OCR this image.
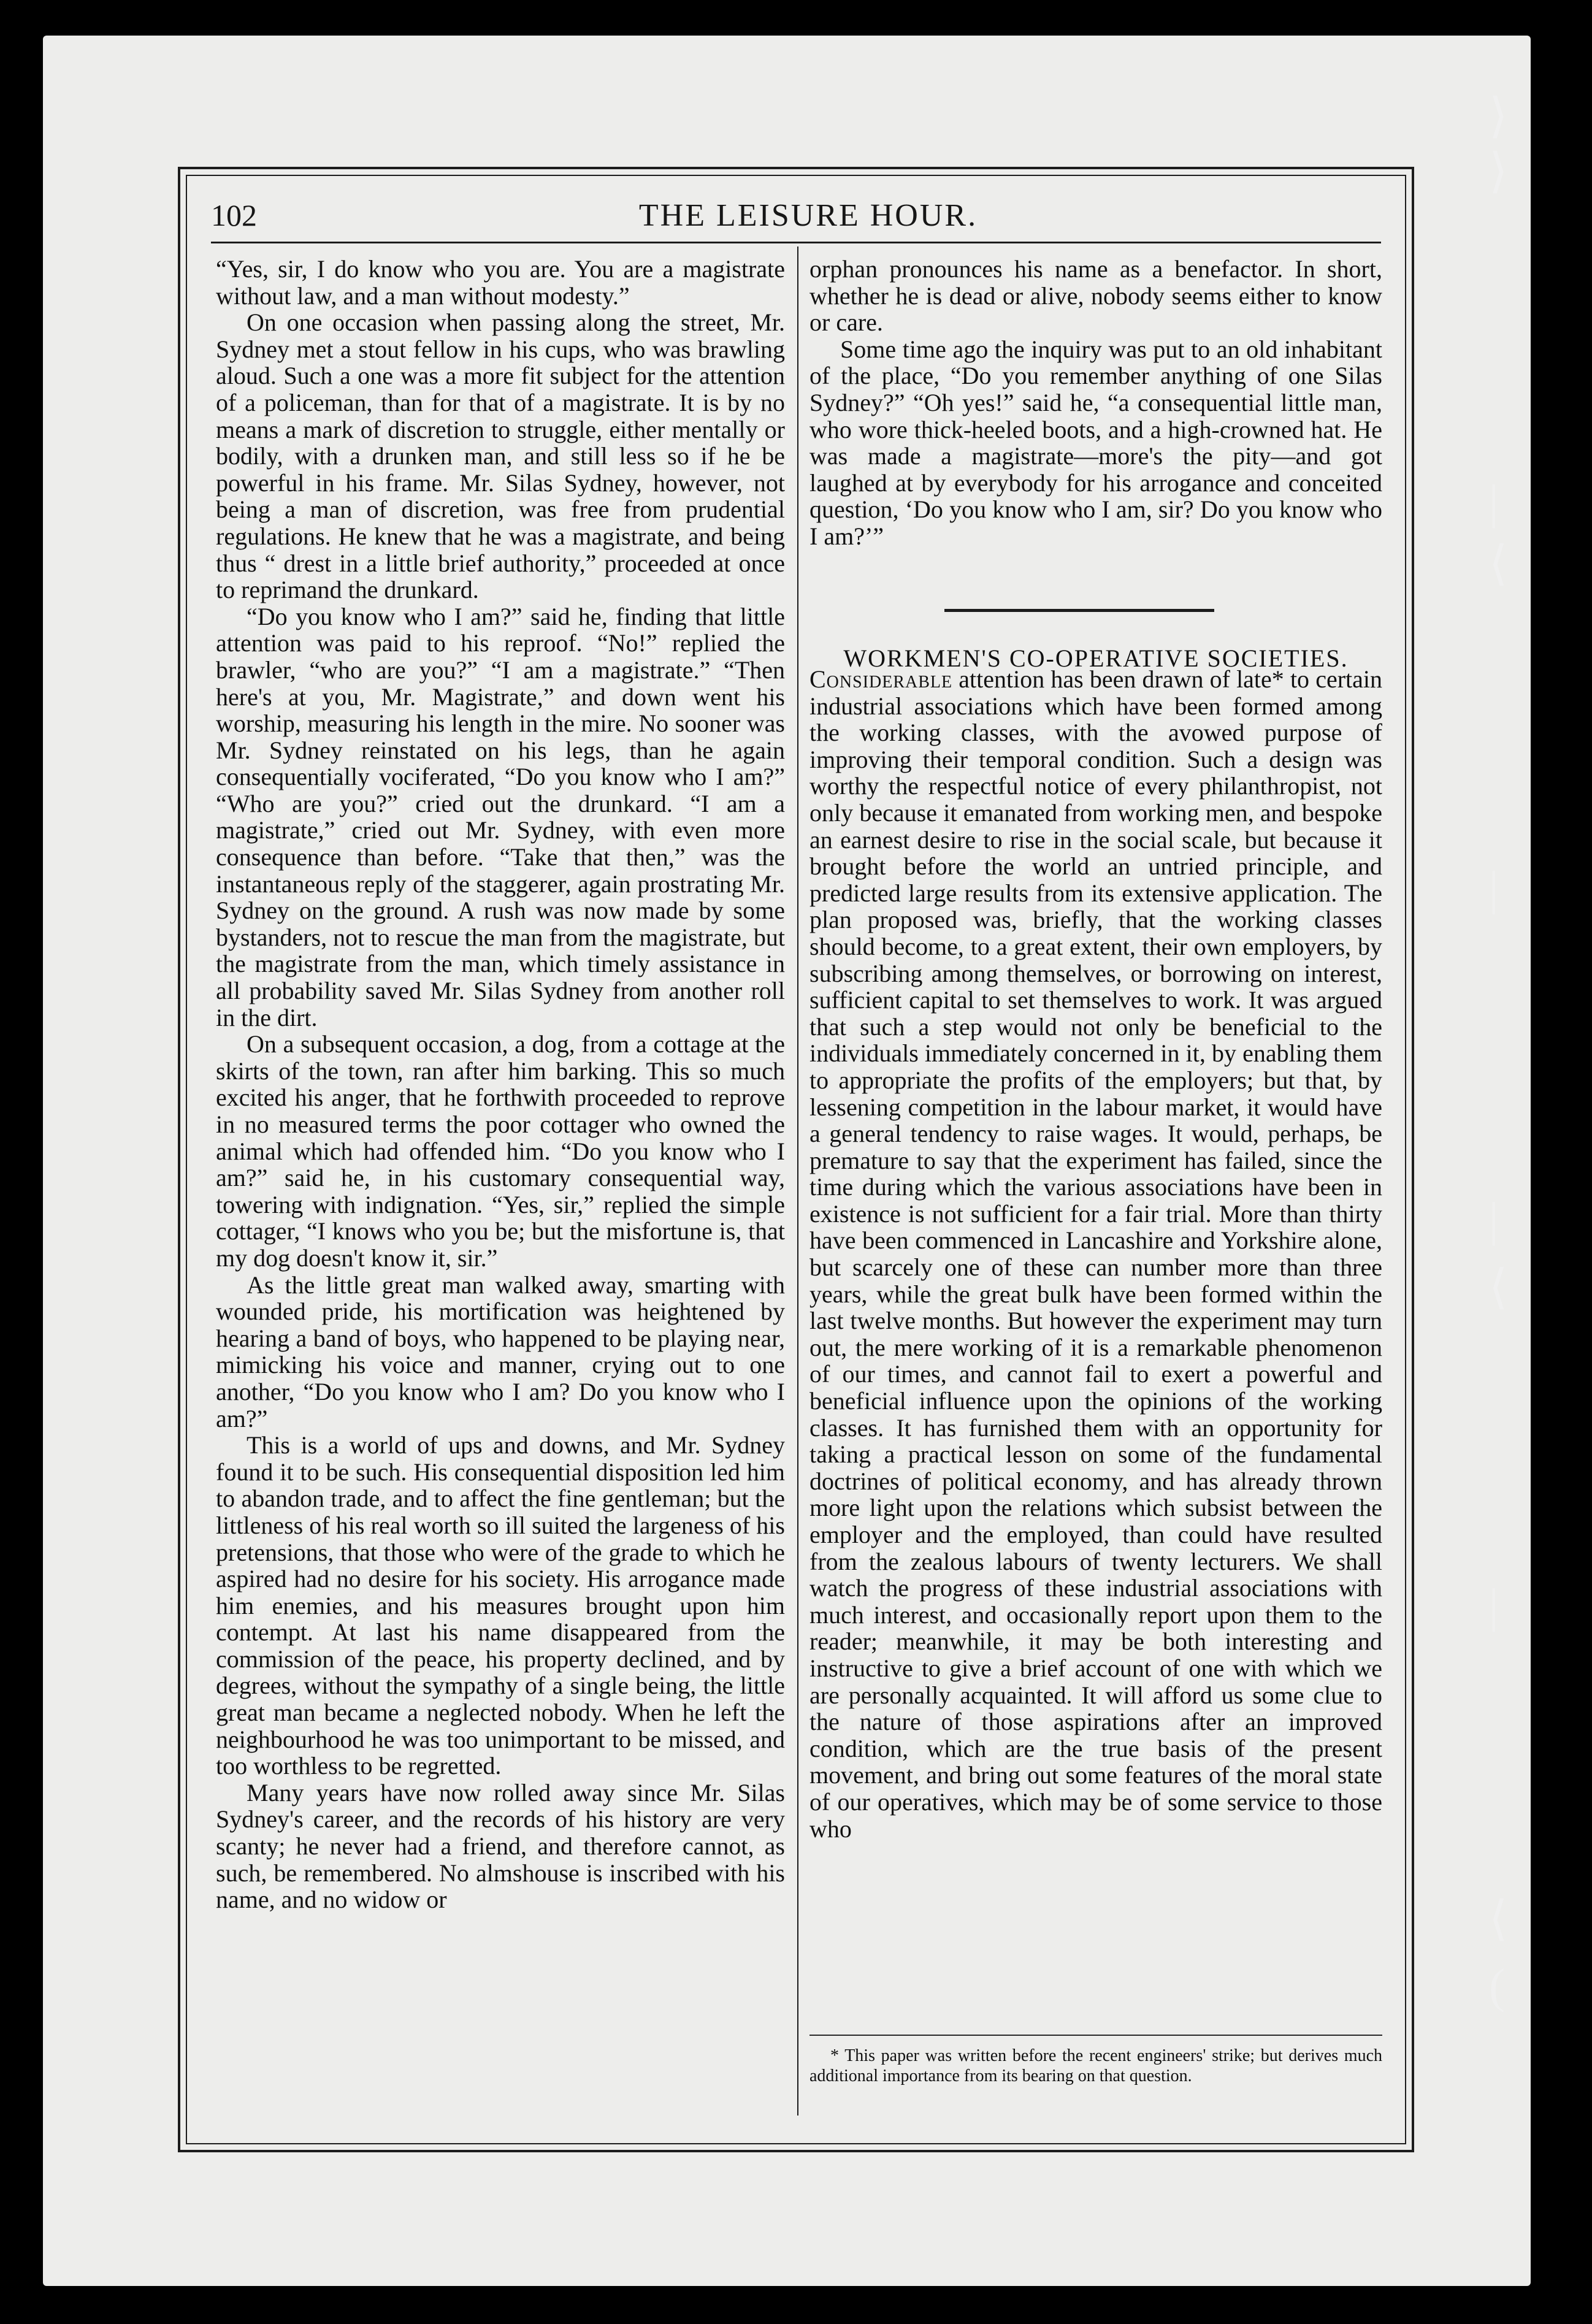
102	THE LEISURE HOUR.

“Yes, sir, I do know who you are. You are a magistrate without law, and a man without modesty.”

On one occasion when passing along the street, Mr. Sydney met a stout fellow in his cups, who was brawling aloud. Such a one was a more fit subject for the attention of a policeman, than for that of a magistrate. It is by no means a mark of discretion to struggle, either mentally or bodily, with a drunken man, and still less so if he be powerful in his frame. Mr. Silas Sydney, however, not being a man of discretion, was free from prudential regulations. He knew that he was a magistrate, and being thus “ drest in a little brief authority,” proceeded at once to reprimand the drunkard.

“Do you know who I am?” said he, finding that little attention was paid to his reproof. “No!” replied the brawler, “who are you?” “I am a magistrate.” “Then here's at you, Mr. Magistrate,” and down went his worship, measuring his length in the mire. No sooner was Mr. Sydney reinstated on his legs, than he again consequentially vociferated, “Do you know who I am?” “Who are you?” cried out the drunkard. “I am a magistrate,” cried out Mr. Sydney, with even more consequence than before. “Take that then,” was the instantaneous reply of the staggerer, again prostrating Mr. Sydney on the ground. A rush was now made by some bystanders, not to rescue the man from the magistrate, but the magistrate from the man, which timely assistance in all probability saved Mr. Silas Sydney from another roll in the dirt.

On a subsequent occasion, a dog, from a cottage at the skirts of the town, ran after him barking. This so much excited his anger, that he forthwith proceeded to reprove in no measured terms the poor cottager who owned the animal which had offended him. “Do you know who I am?” said he, in his customary consequential way, towering with indignation. “Yes, sir,” replied the simple cottager, “I knows who you be; but the misfortune is, that my dog doesn't know it, sir.”

As the little great man walked away, smarting with wounded pride, his mortification was heightened by hearing a band of boys, who happened to be playing near, mimicking his voice and manner, crying out to one another, “Do you know who I am? Do you know who I am?”

This is a world of ups and downs, and Mr. Sydney found it to be such. His consequential disposition led him to abandon trade, and to affect the fine gentleman; but the littleness of his real worth so ill suited the largeness of his pretensions, that those who were of the grade to which he aspired had no desire for his society. His arrogance made him enemies, and his measures brought upon him contempt. At last his name disappeared from the commission of the peace, his property declined, and by degrees, without the sympathy of a single being, the little great man became a neglected nobody. When he left the neighbourhood he was too unimportant to be missed, and too worthless to be regretted.

Many years have now rolled away since Mr. Silas Sydney's career, and the records of his history are very scanty; he never had a friend, and therefore cannot, as such, be remembered. No almshouse is inscribed with his name, and no widow or

orphan pronounces his name as a benefactor. In short, whether he is dead or alive, nobody seems either to know or care.

Some time ago the inquiry was put to an old inhabitant of the place, “Do you remember anything of one Silas Sydney?” “Oh yes!” said he, “a consequential little man, who wore thick-heeled boots, and a high-crowned hat. He was made a magistrate—more's the pity—and got laughed at by everybody for his arrogance and conceited question, ‘Do you know who I am, sir? Do you know who I am?’”

WORKMEN'S CO-OPERATIVE SOCIETIES.

Considerable attention has been drawn of late* to certain industrial associations which have been formed among the working classes, with the avowed purpose of improving their temporal condition. Such a design was worthy the respectful notice of every philanthropist, not only because it emanated from working men, and bespoke an earnest desire to rise in the social scale, but because it brought before the world an untried principle, and predicted large results from its extensive application. The plan proposed was, briefly, that the working classes should become, to a great extent, their own employers, by subscribing among themselves, or borrowing on interest, sufficient capital to set themselves to work. It was argued that such a step would not only be beneficial to the individuals immediately concerned in it, by enabling them to appropriate the profits of the employers; but that, by lessening competition in the labour market, it would have a general tendency to raise wages. It would, perhaps, be premature to say that the experiment has failed, since the time during which the various associations have been in existence is not sufficient for a fair trial. More than thirty have been commenced in Lancashire and Yorkshire alone, but scarcely one of these can number more than three years, while the great bulk have been formed within the last twelve months. But however the experiment may turn out, the mere working of it is a remarkable phenomenon of our times, and cannot fail to exert a powerful and beneficial influence upon the opinions of the working classes. It has furnished them with an opportunity for taking a practical lesson on some of the fundamental doctrines of political economy, and has already thrown more light upon the relations which subsist between the employer and the employed, than could have resulted from the zealous labours of twenty lecturers. We shall watch the progress of these industrial associations with much interest, and occasionally report upon them to the reader; meanwhile, it may be both interesting and instructive to give a brief account of one with which we are personally acquainted. It will afford us some clue to the nature of those aspirations after an improved condition, which are the true basis of the present movement, and bring out some features of the moral state of our operatives, which may be of some service to those who

* This paper was written before the recent engineers' strike; but derives much additional importance from its bearing on that question.

⟩
⟩
|
⟨
|
|
⟨
|
⟨
(
